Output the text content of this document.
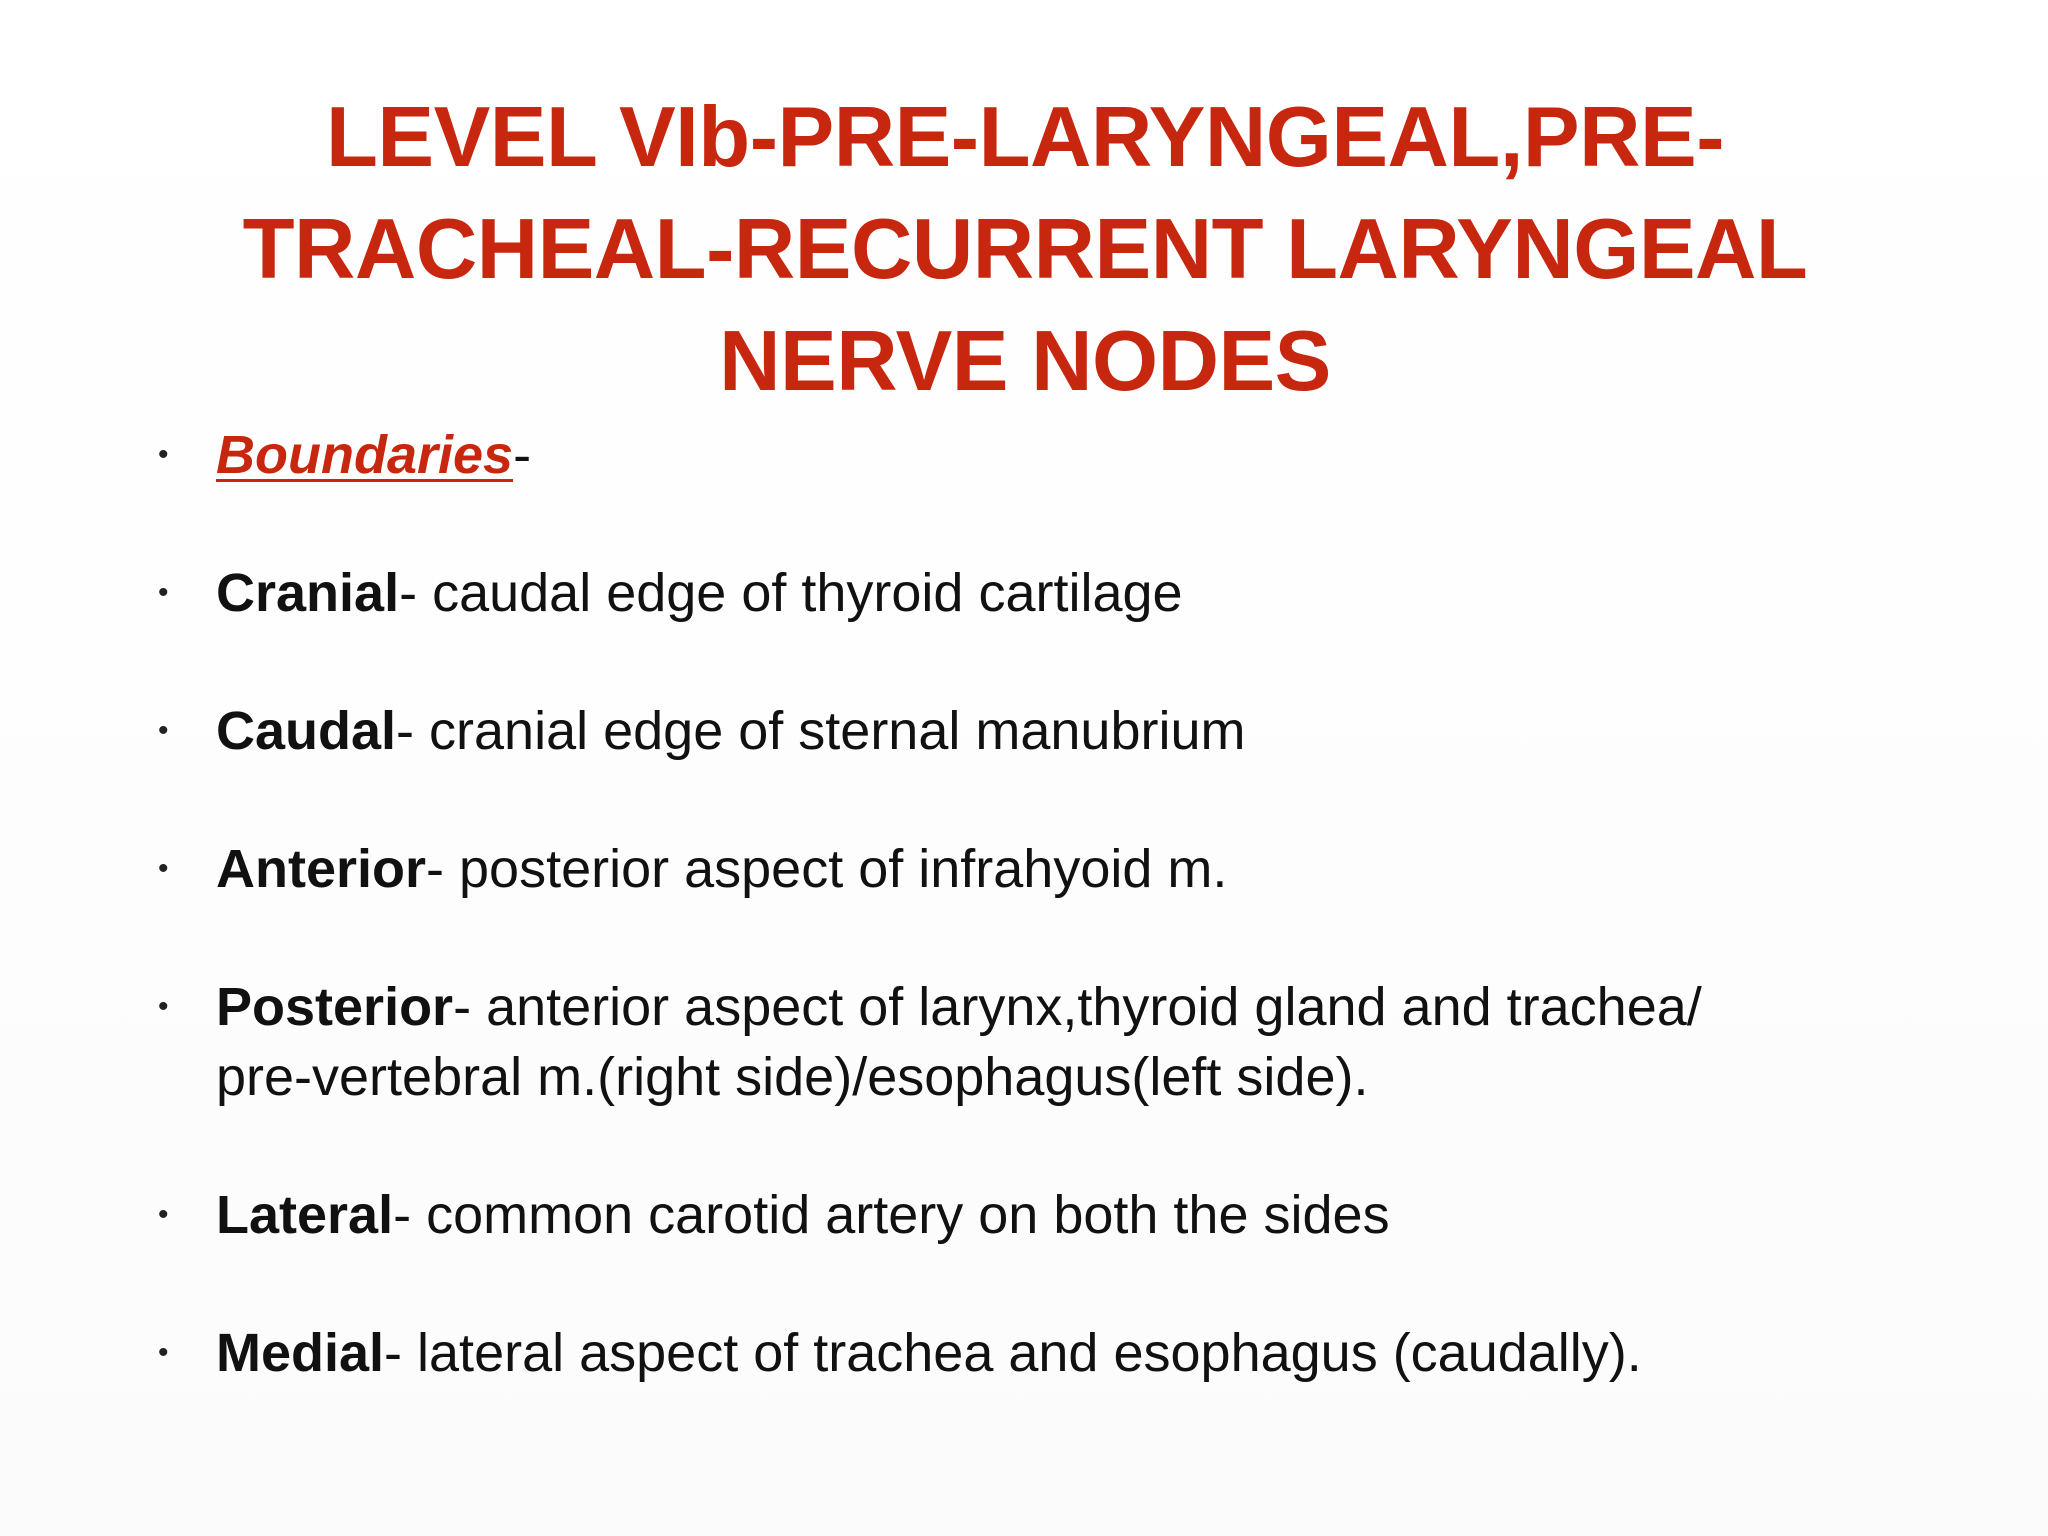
LEVEL VIb-PRE-LARYNGEAL,PRE-
TRACHEAL-RECURRENT LARYNGEAL
NERVE NODES
• Boundaries-
• Cranial- caudal edge of thyroid cartilage
• Caudal- cranial edge of sternal manubrium
• Anterior- posterior aspect of infrahyoid m.
• Posterior- anterior aspect of larynx,thyroid gland and trachea/
pre-vertebral m.(right side)/esophagus(left side).
• Lateral- common carotid artery on both the sides
• Medial- lateral aspect of trachea and esophagus (caudally).
